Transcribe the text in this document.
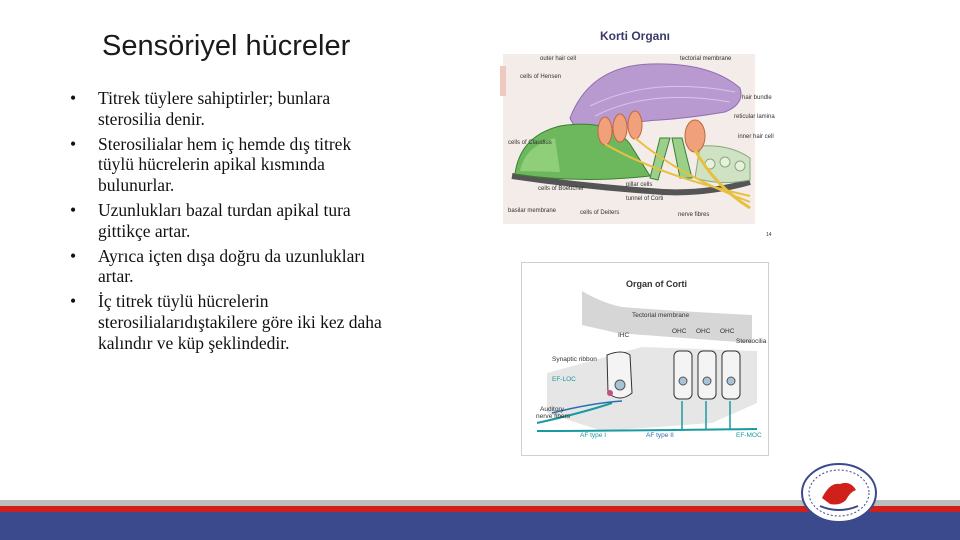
Sensöriyel hücreler
• Titrek tüylere sahiptirler; bunlara sterosilia denir.
• Sterosilialar hem iç hemde dış titrek tüylü hücrelerin apikal kısmında bulunurlar.
• Uzunlukları bazal turdan apikal tura gittikçe artar.
• Ayrıca içten dışa doğru da uzunlukları artar.
• İç titrek tüylü hücrelerin sterosilialarıdıştakilere göre iki kez daha kalındır ve küp şeklindedir.
Korti Organı
outer hair cell	tectorial membrane
cells of Hensen
hair bundle
cells of Claudius
reticular lamina
inner hair cell
pillar cells
cells of Boettcher
tunnel of Corti
basilar membrane	cells of Deiters	nerve fibres
14
Organ of Corti
Tectorial membrane
IHC
OHC OHC OHC
Stereocilia
Synaptic ribbon
EF-LOC
Auditory
nerve fibers
AF type I	AF type II	EF-MOC
